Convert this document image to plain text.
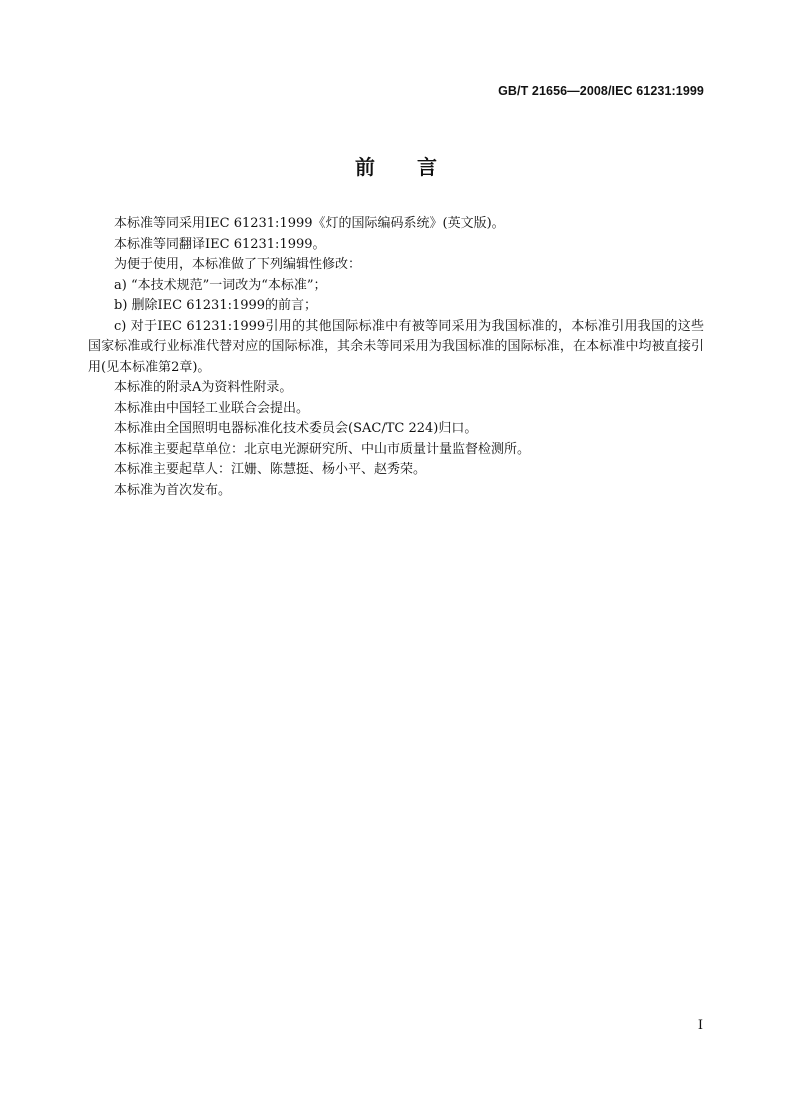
GB/T 21656—2008/IEC 61231:1999
前言

本标准等同采用IEC 61231:1999《灯的国际编码系统》(英文版)。

本标准等同翻译IEC 61231:1999。

为便于使用，本标准做了下列编辑性修改：

a) “本技术规范”一词改为“本标准”；

b) 删除IEC 61231:1999的前言；

c) 对于IEC 61231:1999引用的其他国际标准中有被等同采用为我国标准的，本标准引用我国的这些国家标准或行业标准代替对应的国际标准，其余未等同采用为我国标准的国际标准，在本标准中均被直接引用(见本标准第2章)。

本标准的附录A为资料性附录。

本标准由中国轻工业联合会提出。

本标准由全国照明电器标准化技术委员会(SAC/TC 224)归口。

本标准主要起草单位：北京电光源研究所、中山市质量计量监督检测所。

本标准主要起草人：江姗、陈慧挺、杨小平、赵秀荣。

本标准为首次发布。

I
